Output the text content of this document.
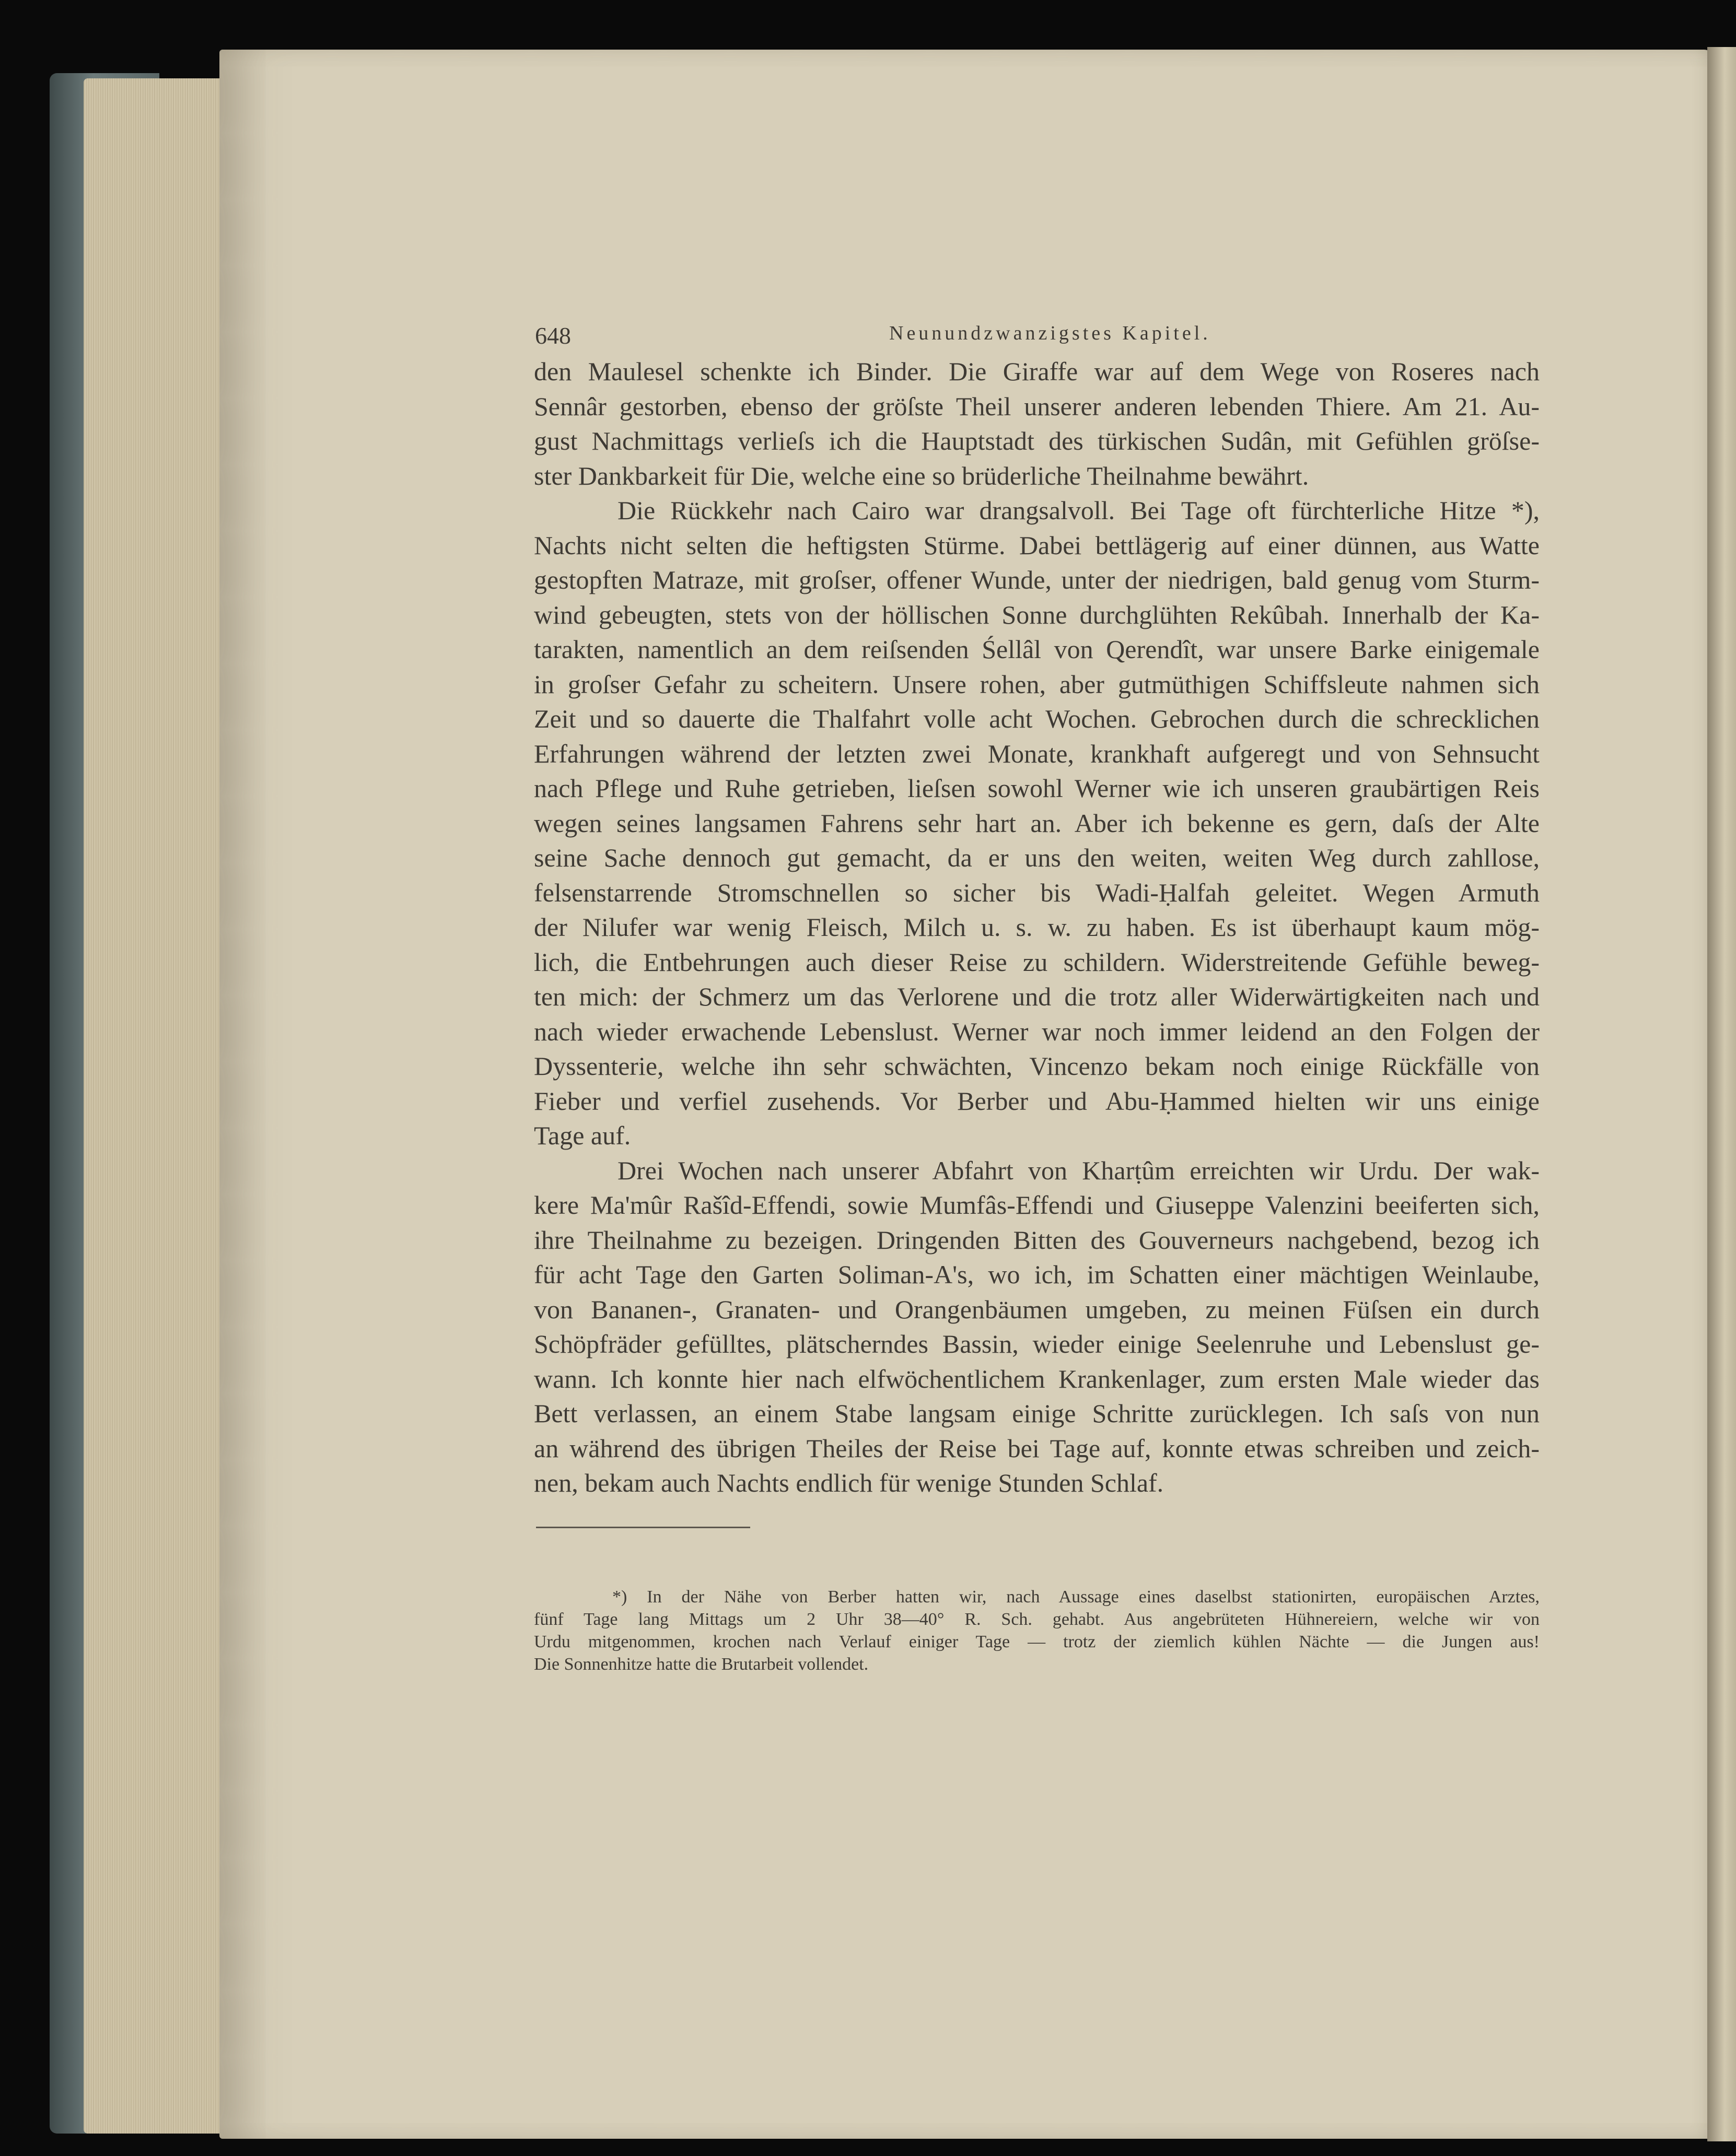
648	Neunundzwanzigstes Kapitel.
den Maulesel schenkte ich Binder. Die Giraffe war auf dem Wege von Roseres nach
Sennâr gestorben, ebenso der gröſste Theil unserer anderen lebenden Thiere. Am 21. Au-
gust Nachmittags verlieſs ich die Hauptstadt des türkischen Sudân, mit Gefühlen gröſse-
ster Dankbarkeit für Die, welche eine so brüderliche Theilnahme bewährt.
Die Rückkehr nach Cairo war drangsalvoll. Bei Tage oft fürchterliche Hitze *),
Nachts nicht selten die heftigsten Stürme. Dabei bettlägerig auf einer dünnen, aus Watte
gestopften Matraze, mit groſser, offener Wunde, unter der niedrigen, bald genug vom Sturm-
wind gebeugten, stets von der höllischen Sonne durchglühten Rekûbah. Innerhalb der Ka-
tarakten, namentlich an dem reiſsenden Śellâl von Qerendît, war unsere Barke einigemale
in groſser Gefahr zu scheitern. Unsere rohen, aber gutmüthigen Schiffsleute nahmen sich
Zeit und so dauerte die Thalfahrt volle acht Wochen. Gebrochen durch die schrecklichen
Erfahrungen während der letzten zwei Monate, krankhaft aufgeregt und von Sehnsucht
nach Pflege und Ruhe getrieben, lieſsen sowohl Werner wie ich unseren graubärtigen Reis
wegen seines langsamen Fahrens sehr hart an. Aber ich bekenne es gern, daſs der Alte
seine Sache dennoch gut gemacht, da er uns den weiten, weiten Weg durch zahllose,
felsenstarrende Stromschnellen so sicher bis Wadi-Ḥalfah geleitet. Wegen Armuth
der Nilufer war wenig Fleisch, Milch u. s. w. zu haben. Es ist überhaupt kaum mög-
lich, die Entbehrungen auch dieser Reise zu schildern. Widerstreitende Gefühle beweg-
ten mich: der Schmerz um das Verlorene und die trotz aller Widerwärtigkeiten nach und
nach wieder erwachende Lebenslust. Werner war noch immer leidend an den Folgen der
Dyssenterie, welche ihn sehr schwächten, Vincenzo bekam noch einige Rückfälle von
Fieber und verfiel zusehends. Vor Berber und Abu-Ḥammed hielten wir uns einige
Tage auf.
Drei Wochen nach unserer Abfahrt von Kharṭûm erreichten wir Urdu. Der wak-
kere Ma'mûr Rašîd-Effendi, sowie Mumfâs-Effendi und Giuseppe Valenzini beeiferten sich,
ihre Theilnahme zu bezeigen. Dringenden Bitten des Gouverneurs nachgebend, bezog ich
für acht Tage den Garten Soliman-A's, wo ich, im Schatten einer mächtigen Weinlaube,
von Bananen-, Granaten- und Orangenbäumen umgeben, zu meinen Füſsen ein durch
Schöpfräder gefülltes, plätscherndes Bassin, wieder einige Seelenruhe und Lebenslust ge-
wann. Ich konnte hier nach elfwöchentlichem Krankenlager, zum ersten Male wieder das
Bett verlassen, an einem Stabe langsam einige Schritte zurücklegen. Ich saſs von nun
an während des übrigen Theiles der Reise bei Tage auf, konnte etwas schreiben und zeich-
nen, bekam auch Nachts endlich für wenige Stunden Schlaf.
*) In der Nähe von Berber hatten wir, nach Aussage eines daselbst stationirten, europäischen Arztes,
fünf Tage lang Mittags um 2 Uhr 38—40° R. Sch. gehabt. Aus angebrüteten Hühnereiern, welche wir von
Urdu mitgenommen, krochen nach Verlauf einiger Tage — trotz der ziemlich kühlen Nächte — die Jungen aus!
Die Sonnenhitze hatte die Brutarbeit vollendet.
